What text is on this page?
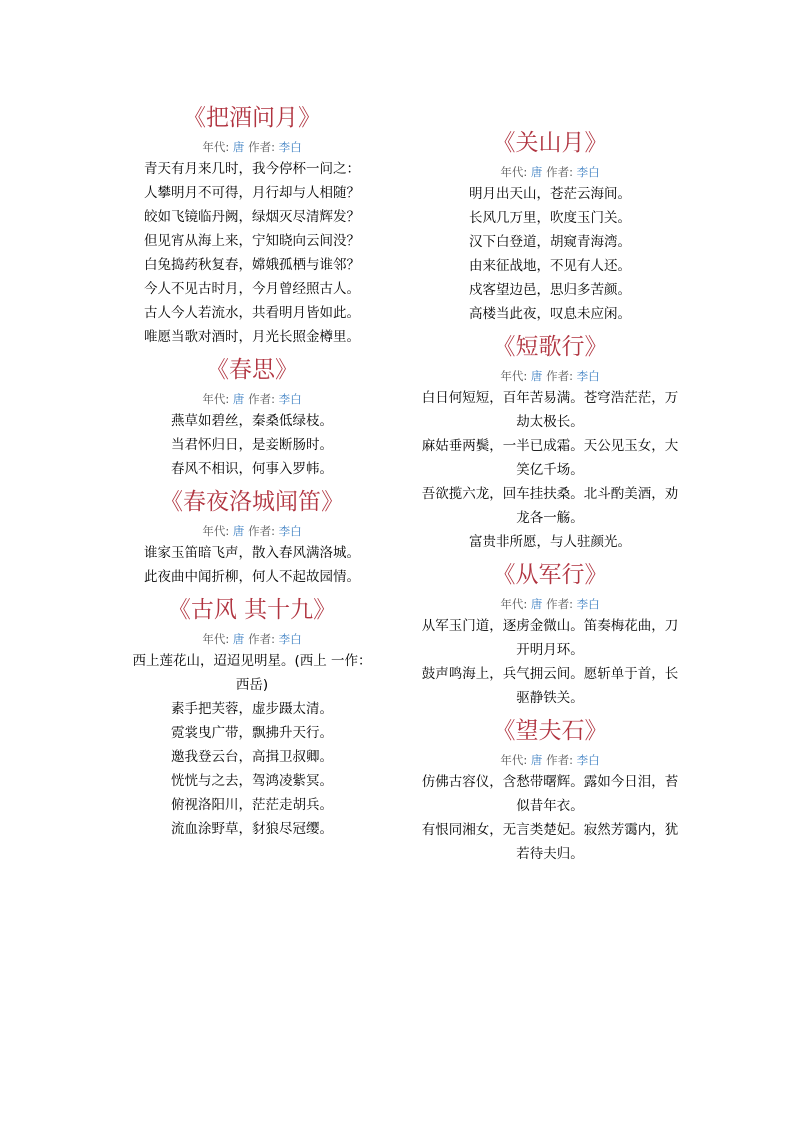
《把酒问月》
年代: 唐 作者: 李白

青天有月来几时，我今停杯一问之：

人攀明月不可得，月行却与人相随？

皎如飞镜临丹阙，绿烟灭尽清辉发？

但见宵从海上来，宁知晓向云间没？

白兔捣药秋复春，嫦娥孤栖与谁邻？

今人不见古时月，今月曾经照古人。

古人今人若流水，共看明月皆如此。

唯愿当歌对酒时，月光长照金樽里。

《春思》
年代: 唐 作者: 李白

燕草如碧丝，秦桑低绿枝。

当君怀归日，是妾断肠时。

春风不相识，何事入罗帏。

《春夜洛城闻笛》
年代: 唐 作者: 李白

谁家玉笛暗飞声，散入春风满洛城。

此夜曲中闻折柳，何人不起故园情。

《古风 其十九》
年代: 唐 作者: 李白

西上莲花山，迢迢见明星。(西上 一作：

西岳)

素手把芙蓉，虚步蹑太清。

霓裳曳广带，飘拂升天行。

邀我登云台，高揖卫叔卿。

恍恍与之去，驾鸿凌紫冥。

俯视洛阳川，茫茫走胡兵。

流血涂野草，豺狼尽冠缨。

《关山月》
年代: 唐 作者: 李白

明月出天山，苍茫云海间。

长风几万里，吹度玉门关。

汉下白登道，胡窥青海湾。

由来征战地，不见有人还。

戍客望边邑，思归多苦颜。

高楼当此夜，叹息未应闲。

《短歌行》
年代: 唐 作者: 李白

白日何短短，百年苦易满。苍穹浩茫茫，万

劫太极长。

麻姑垂两鬓，一半已成霜。天公见玉女，大

笑亿千场。

吾欲揽六龙，回车挂扶桑。北斗酌美酒，劝

龙各一觞。

富贵非所愿，与人驻颜光。

《从军行》
年代: 唐 作者: 李白

从军玉门道，逐虏金微山。笛奏梅花曲，刀

开明月环。

鼓声鸣海上，兵气拥云间。愿斩单于首，长

驱静铁关。

《望夫石》
年代: 唐 作者: 李白

仿佛古容仪，含愁带曙辉。露如今日泪，苔

似昔年衣。

有恨同湘女，无言类楚妃。寂然芳霭内，犹

若待夫归。
